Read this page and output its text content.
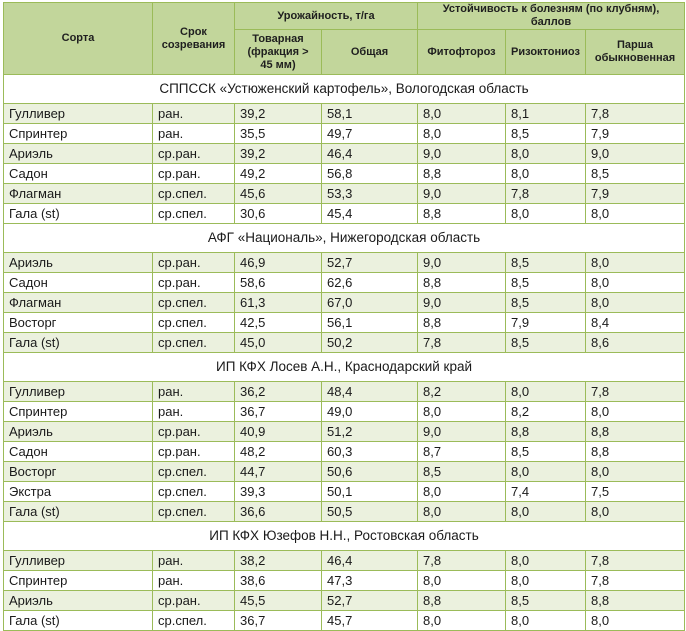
Сорта	Срок созревания	Урожайность, т/га		Устойчивость к болезням (по клубням), баллов		
		Товарная (фракция > 45 мм)	Общая	Фитофтороз	Ризоктониоз	Парша обыкновенная
СППССК «Устюженский картофель», Вологодская область						
Гулливер	ран.	39,2	58,1	8,0	8,1	7,8
Спринтер	ран.	35,5	49,7	8,0	8,5	7,9
Ариэль	ср.ран.	39,2	46,4	9,0	8,0	9,0
Садон	ср.ран.	49,2	56,8	8,8	8,0	8,5
Флагман	ср.спел.	45,6	53,3	9,0	7,8	7,9
Гала (st)	ср.спел.	30,6	45,4	8,8	8,0	8,0
АФГ «Националь», Нижегородская область						
Ариэль	ср.ран.	46,9	52,7	9,0	8,5	8,0
Садон	ср.ран.	58,6	62,6	8,8	8,5	8,0
Флагман	ср.спел.	61,3	67,0	9,0	8,5	8,0
Восторг	ср.спел.	42,5	56,1	8,8	7,9	8,4
Гала (st)	ср.спел.	45,0	50,2	7,8	8,5	8,6
ИП КФХ Лосев А.Н., Краснодарский край						
Гулливер	ран.	36,2	48,4	8,2	8,0	7,8
Спринтер	ран.	36,7	49,0	8,0	8,2	8,0
Ариэль	ср.ран.	40,9	51,2	9,0	8,8	8,8
Садон	ср.ран.	48,2	60,3	8,7	8,5	8,8
Восторг	ср.спел.	44,7	50,6	8,5	8,0	8,0
Экстра	ср.спел.	39,3	50,1	8,0	7,4	7,5
Гала (st)	ср.спел.	36,6	50,5	8,0	8,0	8,0
ИП КФХ Юзефов Н.Н., Ростовская область						
Гулливер	ран.	38,2	46,4	7,8	8,0	7,8
Спринтер	ран.	38,6	47,3	8,0	8,0	7,8
Ариэль	ср.ран.	45,5	52,7	8,8	8,5	8,8
Гала (st)	ср.спел.	36,7	45,7	8,0	8,0	8,0
